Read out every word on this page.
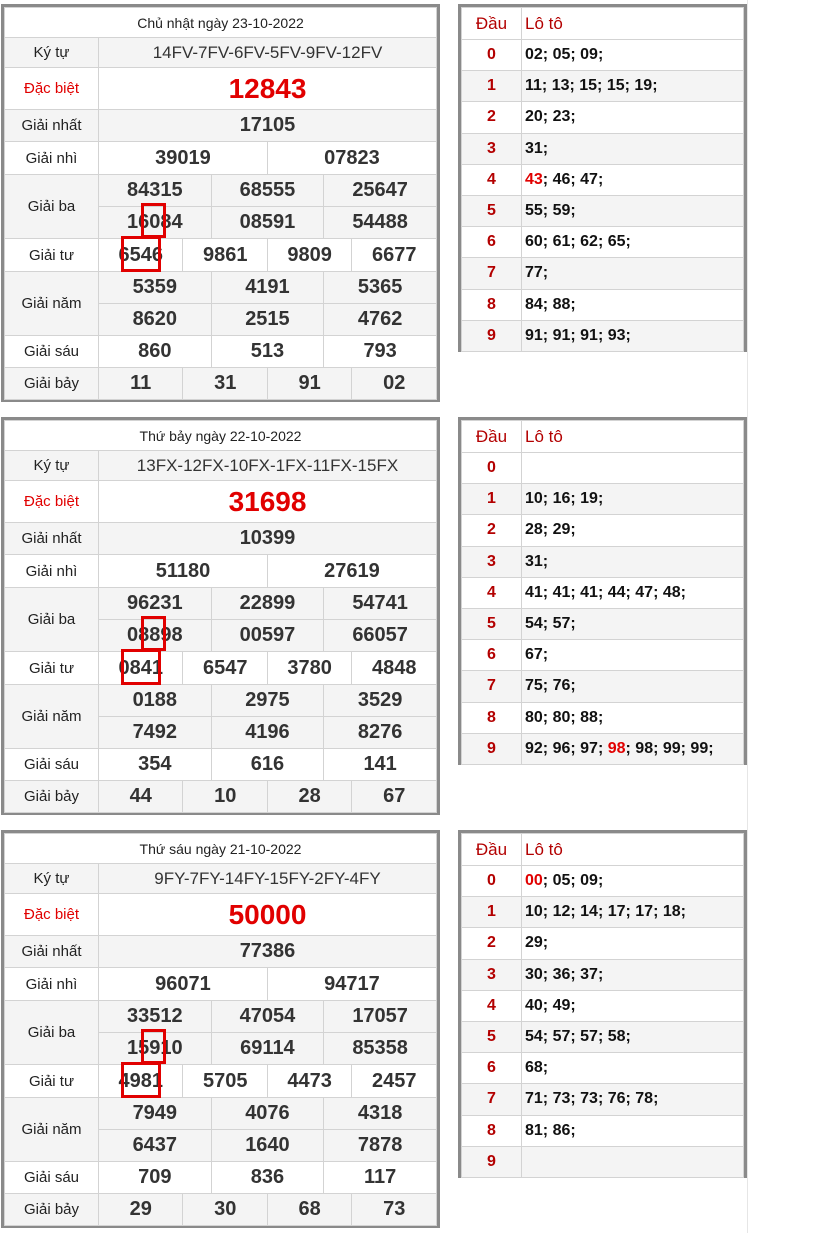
Chủ nhật ngày 23-10-2022						
Ký tự	14FV-7FV-6FV-5FV-9FV-12FV					
Đặc biệt	12843					
Giải nhất	17105					
Giải nhì	39019			07823		
Giải ba	84315		68555		25647	
	16084		08591		54488	
Giải tư	6546	9861		9809		6677
Giải năm	5359		4191		5365	
	8620		2515		4762	
Giải sáu	860		513		793	
Giải bảy	11	31		91		02
Đầu	Lô tô
0	02; 05; 09;
1	11; 13; 15; 15; 19;
2	20; 23;
3	31;
4	43; 46; 47;
5	55; 59;
6	60; 61; 62; 65;
7	77;
8	84; 88;
9	91; 91; 91; 93;
Thứ bảy ngày 22-10-2022						
Ký tự	13FX-12FX-10FX-1FX-11FX-15FX					
Đặc biệt	31698					
Giải nhất	10399					
Giải nhì	51180			27619		
Giải ba	96231		22899		54741	
	08898		00597		66057	
Giải tư	0841	6547		3780		4848
Giải năm	0188		2975		3529	
	7492		4196		8276	
Giải sáu	354		616		141	
Giải bảy	44	10		28		67
Đầu	Lô tô
0	
1	10; 16; 19;
2	28; 29;
3	31;
4	41; 41; 41; 44; 47; 48;
5	54; 57;
6	67;
7	75; 76;
8	80; 80; 88;
9	92; 96; 97; 98; 98; 99; 99;
Thứ sáu ngày 21-10-2022						
Ký tự	9FY-7FY-14FY-15FY-2FY-4FY					
Đặc biệt	50000					
Giải nhất	77386					
Giải nhì	96071			94717		
Giải ba	33512		47054		17057	
	15910		69114		85358	
Giải tư	4981	5705		4473		2457
Giải năm	7949		4076		4318	
	6437		1640		7878	
Giải sáu	709		836		117	
Giải bảy	29	30		68		73
Đầu	Lô tô
0	00; 05; 09;
1	10; 12; 14; 17; 17; 18;
2	29;
3	30; 36; 37;
4	40; 49;
5	54; 57; 57; 58;
6	68;
7	71; 73; 73; 76; 78;
8	81; 86;
9	
